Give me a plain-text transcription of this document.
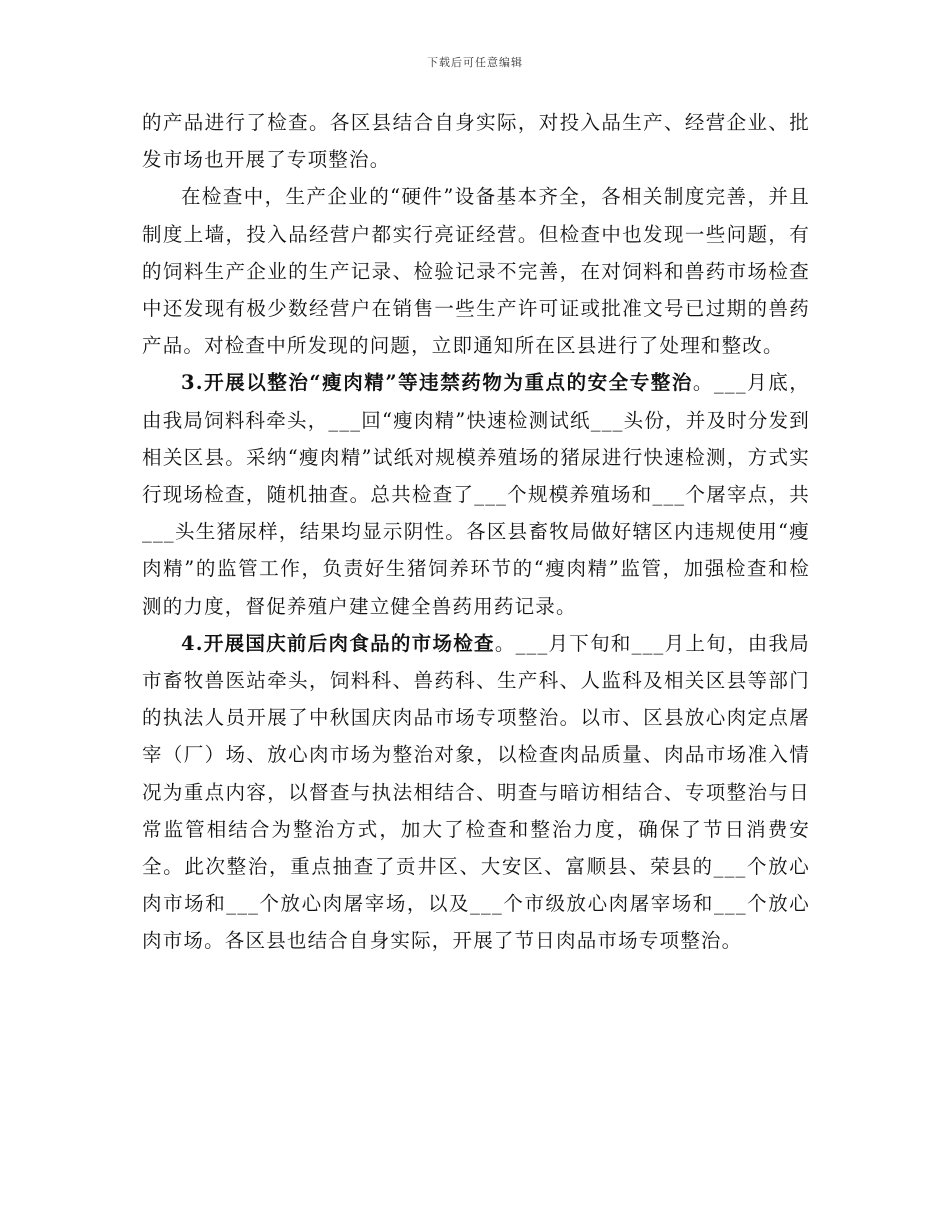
下载后可任意编辑

的产品进行了检查。各区县结合自身实际，对投入品生产、经营企业、批发市场也开展了专项整治。

在检查中，生产企业的“硬件”设备基本齐全，各相关制度完善，并且制度上墙，投入品经营户都实行亮证经营。但检查中也发现一些问题，有的饲料生产企业的生产记录、检验记录不完善，在对饲料和兽药市场检查中还发现有极少数经营户在销售一些生产许可证或批准文号已过期的兽药产品。对检查中所发现的问题，立即通知所在区县进行了处理和整改。

3.开展以整治“瘦肉精”等违禁药物为重点的安全专整治。___月底，由我局饲料科牵头，___回“瘦肉精”快速检测试纸___头份，并及时分发到相关区县。采纳“瘦肉精”试纸对规模养殖场的猪尿进行快速检测，方式实行现场检查，随机抽查。总共检查了___个规模养殖场和___个屠宰点，共___头生猪尿样，结果均显示阴性。各区县畜牧局做好辖区内违规使用“瘦肉精”的监管工作，负责好生猪饲养环节的“瘦肉精”监管，加强检查和检测的力度，督促养殖户建立健全兽药用药记录。

4.开展国庆前后肉食品的市场检查。___月下旬和___月上旬，由我局市畜牧兽医站牵头，饲料科、兽药科、生产科、人监科及相关区县等部门的执法人员开展了中秋国庆肉品市场专项整治。以市、区县放心肉定点屠宰（厂）场、放心肉市场为整治对象，以检查肉品质量、肉品市场准入情况为重点内容，以督查与执法相结合、明查与暗访相结合、专项整治与日常监管相结合为整治方式，加大了检查和整治力度，确保了节日消费安全。此次整治，重点抽查了贡井区、大安区、富顺县、荣县的___个放心肉市场和___个放心肉屠宰场，以及___个市级放心肉屠宰场和___个放心肉市场。各区县也结合自身实际，开展了节日肉品市场专项整治。
